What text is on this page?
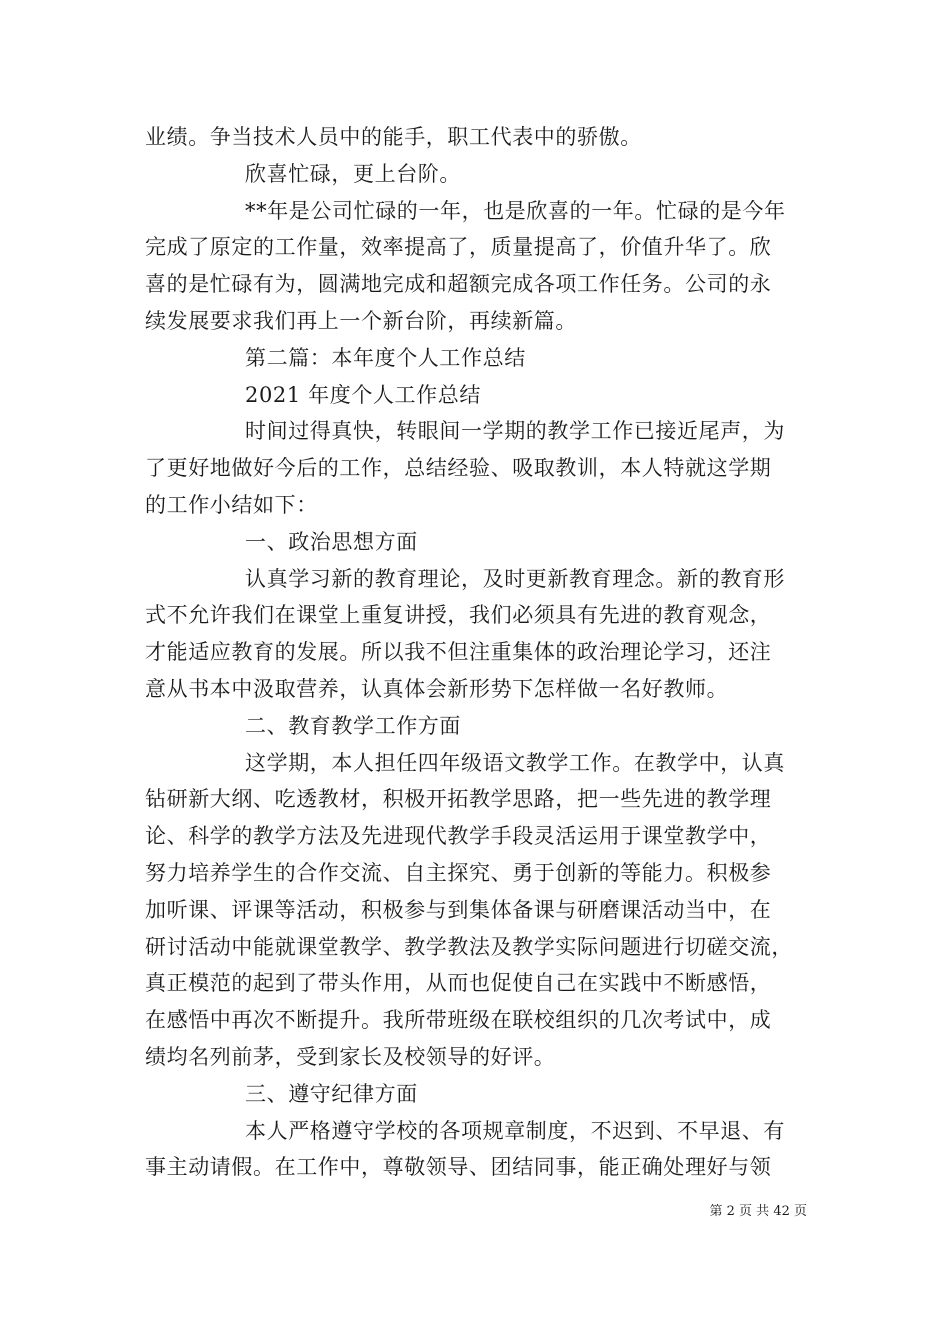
业绩。争当技术人员中的能手，职工代表中的骄傲。
欣喜忙碌，更上台阶。
**年是公司忙碌的一年，也是欣喜的一年。忙碌的是今年
完成了原定的工作量，效率提高了，质量提高了，价值升华了。欣
喜的是忙碌有为，圆满地完成和超额完成各项工作任务。公司的永
续发展要求我们再上一个新台阶，再续新篇。
第二篇：本年度个人工作总结
2021 年度个人工作总结
时间过得真快，转眼间一学期的教学工作已接近尾声，为
了更好地做好今后的工作，总结经验、吸取教训，本人特就这学期
的工作小结如下：
一、政治思想方面
认真学习新的教育理论，及时更新教育理念。新的教育形
式不允许我们在课堂上重复讲授，我们必须具有先进的教育观念，
才能适应教育的发展。所以我不但注重集体的政治理论学习，还注
意从书本中汲取营养，认真体会新形势下怎样做一名好教师。
二、教育教学工作方面
这学期，本人担任四年级语文教学工作。在教学中，认真
钻研新大纲、吃透教材，积极开拓教学思路，把一些先进的教学理
论、科学的教学方法及先进现代教学手段灵活运用于课堂教学中，
努力培养学生的合作交流、自主探究、勇于创新的等能力。积极参
加听课、评课等活动，积极参与到集体备课与研磨课活动当中，在
研讨活动中能就课堂教学、教学教法及教学实际问题进行切磋交流，
真正模范的起到了带头作用，从而也促使自己在实践中不断感悟，
在感悟中再次不断提升。我所带班级在联校组织的几次考试中，成
绩均名列前茅，受到家长及校领导的好评。
三、遵守纪律方面
本人严格遵守学校的各项规章制度，不迟到、不早退、有
事主动请假。在工作中，尊敬领导、团结同事，能正确处理好与领
第 2 页 共 42 页
